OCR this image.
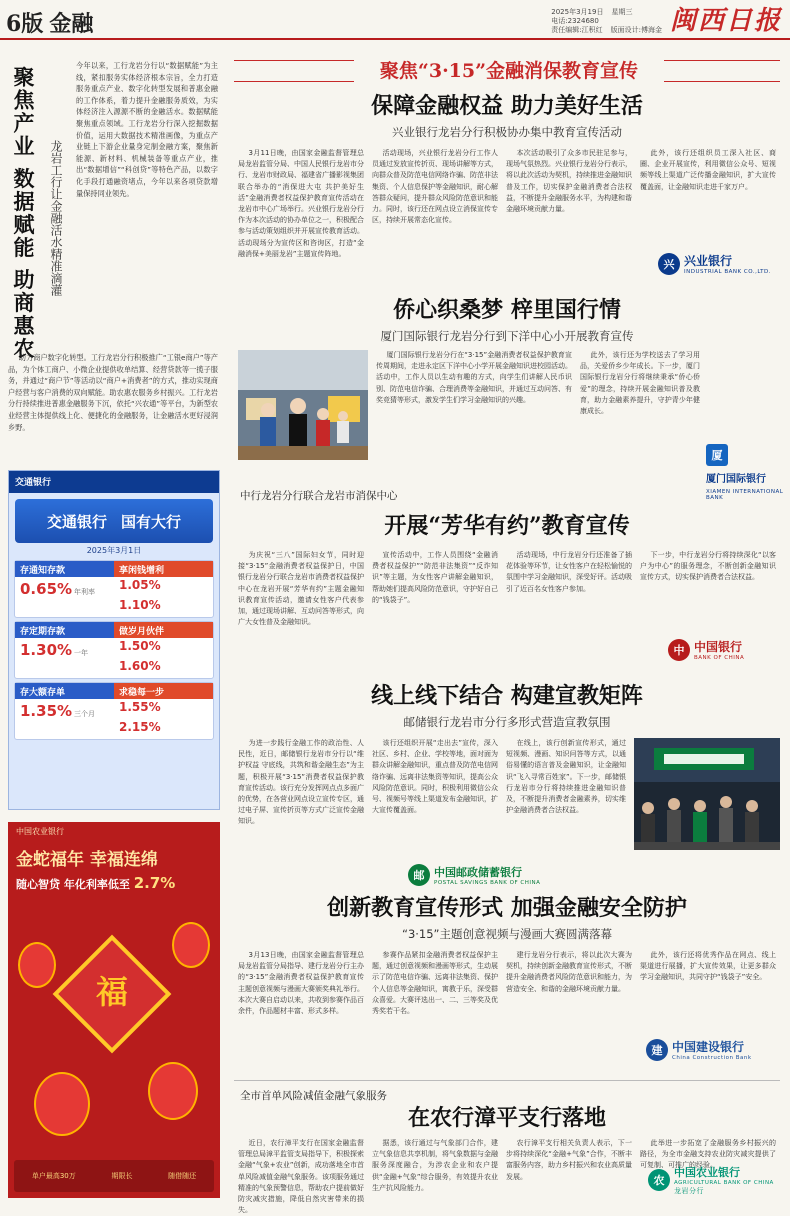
6版 金融	2025年3月19日 星期三
电话:2324680
责任编辑:江积红 版面设计:傅海金 闽西日报
聚焦产业 数据赋能 助商惠农	龙岩工行让金融活水精准滴灌
今年以来，工行龙岩分行以“数据赋能”为主线，紧扣服务实体经济根本宗旨，全力打造服务重点产业、数字化转型发展和普惠金融的工作体系，着力提升金融服务质效，为实体经济注入源源不断的金融活水。数据赋能聚焦重点领域。工行龙岩分行深入挖掘数据价值，运用大数据技术精准画像，为重点产业链上下游企业量身定制金融方案，聚焦新能源、新材料、机械装备等重点产业，推出“数据增信”“科创贷”等特色产品，以数字化手段打通融资堵点，今年以来各项贷款增量保持同业领先。

助力商户数字化转型。工行龙岩分行积极推广“工银e商户”等产品，为个体工商户、小微企业提供收单结算、经营贷款等一揽子服务，并通过“商户节”等活动以“商户+消费者”的方式，推动实现商户经营与客户消费的双向赋能。助农惠农服务乡村振兴。工行龙岩分行持续推进普惠金融服务下沉，依托“兴农通”等平台，为新型农业经营主体提供线上化、便捷化的金融服务，让金融活水更好浸润乡野。

交通银行
交通银行 国有大行
2025年3月1日
存通知存款
0.65% 年利率
享闲钱增利
1.05%
1.10%
存定期存款
1.30% 一年
做岁月伙伴
1.50%
1.60%
存大额存单
1.35% 三个月
求稳每一步
1.55%
2.15%
中国农业银行
金蛇福年 幸福连绵
随心智贷 年化利率低至 2.7%
福
单户最高30万	期限长	随借随还
聚焦“3·15”金融消保教育宣传
保障金融权益 助力美好生活
兴业银行龙岩分行积极协办集中教育宣传活动

3月11日晚，由国家金融监督管理总局龙岩监管分局、中国人民银行龙岩市分行、龙岩市财政局、福建省广播影视集团联合举办的“消保进大屯 共护美好生活”金融消费者权益保护教育宣传活动在龙岩市中心广场举行。兴业银行龙岩分行作为本次活动的协办单位之一，积极配合参与活动策划组织并开展宣传教育活动。活动现场分为宣传区和咨询区，打造“金融消保+美丽龙岩”主题宣传阵地。

活动现场，兴业银行龙岩分行工作人员通过发放宣传折页、现场讲解等方式，向群众普及防范电信网络诈骗、防范非法集资、个人信息保护等金融知识，耐心解答群众疑问，提升群众风险防范意识和能力。同时，该行还在网点设立消保宣传专区，持续开展常态化宣传。

本次活动吸引了众多市民驻足参与，现场气氛热烈。兴业银行龙岩分行表示，将以此次活动为契机，持续推进金融知识普及工作，切实保护金融消费者合法权益，不断提升金融服务水平，为构建和谐金融环境贡献力量。

此外，该行还组织员工深入社区、商圈、企业开展宣传，利用微信公众号、短视频等线上渠道广泛传播金融知识，扩大宣传覆盖面，让金融知识走进千家万户。

兴 兴业银行
INDUSTRIAL BANK CO.,LTD.
侨心织桑梦 梓里国行情
厦门国际银行龙岩分行到下洋中心小开展教育宣传

厦门国际银行龙岩分行在“3·15”金融消费者权益保护教育宣传周期间，走进永定区下洋中心小学开展金融知识进校园活动。活动中，工作人员以生动有趣的方式，向学生们讲解人民币识别、防范电信诈骗、合理消费等金融知识，并通过互动问答、有奖竞猜等形式，激发学生们学习金融知识的兴趣。

此外，该行还为学校送去了学习用品，关爱侨乡少年成长。下一步，厦门国际银行龙岩分行将继续秉承“侨心侨爱”的理念，持续开展金融知识普及教育，助力金融素养提升，守护青少年健康成长。

厦
厦门国际银行
XIAMEN INTERNATIONAL BANK
中行龙岩分行联合龙岩市消保中心
开展“芳华有约”教育宣传

为庆祝“三八”国际妇女节，同时迎接“3·15”金融消费者权益保护日，中国银行龙岩分行联合龙岩市消费者权益保护中心在龙岩开展“芳华有约”主题金融知识教育宣传活动，邀请女性客户代表参加，通过现场讲解、互动问答等形式，向广大女性普及金融知识。

宣传活动中，工作人员围绕“金融消费者权益保护”“防范非法集资”“反诈知识”等主题，为女性客户讲解金融知识，帮助她们提高风险防范意识，守护好自己的“钱袋子”。

活动现场，中行龙岩分行还准备了插花体验等环节，让女性客户在轻松愉悦的氛围中学习金融知识，深受好评。活动吸引了近百名女性客户参加。

下一步，中行龙岩分行将持续深化“以客户为中心”的服务理念，不断创新金融知识宣传方式，切实保护消费者合法权益。

中 中国银行
BANK OF CHINA
线上线下结合 构建宣教矩阵
邮储银行龙岩市分行多形式营造宣教氛围

为进一步践行金融工作的政治性、人民性，近日，邮储银行龙岩市分行以“维护权益 守底线，共筑和谐金融生态”为主题，积极开展“3·15”消费者权益保护教育宣传活动。该行充分发挥网点点多面广的优势，在各营业网点设立宣传专区，通过电子屏、宣传折页等方式广泛宣传金融知识。

该行还组织开展“走出去”宣传，深入社区、乡村、企业、学校等地，面对面为群众讲解金融知识，重点普及防范电信网络诈骗、远离非法集资等知识，提高公众风险防范意识。同时，积极利用微信公众号、视频号等线上渠道发布金融知识，扩大宣传覆盖面。

在线上，该行创新宣传形式，通过短视频、漫画、知识问答等方式，以通俗易懂的语言普及金融知识，让金融知识“飞入寻常百姓家”。下一步，邮储银行龙岩市分行将持续推进金融知识普及，不断提升消费者金融素养，切实维护金融消费者合法权益。

邮 中国邮政储蓄银行
POSTAL SAVINGS BANK OF CHINA
创新教育宣传形式 加强金融安全防护
“3·15”主题创意视频与漫画大赛圆满落幕

3月13日晚，由国家金融监督管理总局龙岩监管分局指导、建行龙岩分行主办的“3·15”金融消费者权益保护教育宣传主题创意视频与漫画大赛颁奖典礼举行。本次大赛自启动以来，共收到参赛作品百余件，作品题材丰富、形式多样。

参赛作品紧扣金融消费者权益保护主题，通过创意视频和漫画等形式，生动展示了防范电信诈骗、远离非法集资、保护个人信息等金融知识，寓教于乐，深受群众喜爱。大赛评选出一、二、三等奖及优秀奖若干名。

建行龙岩分行表示，将以此次大赛为契机，持续创新金融教育宣传形式，不断提升金融消费者风险防范意识和能力，为营造安全、和谐的金融环境贡献力量。

此外，该行还将优秀作品在网点、线上渠道进行展播，扩大宣传效果，让更多群众学习金融知识，共同守护“钱袋子”安全。

建 中国建设银行
China Construction Bank
全市首单风险减值金融气象服务
在农行漳平支行落地

近日，农行漳平支行在国家金融监督管理总局漳平监管支局指导下，积极探索金融“气象+农业”创新，成功落地全市首单风险减值金融气象服务。该项服务通过精准的气象预警信息，帮助农户提前做好防灾减灾措施，降低自然灾害带来的损失。

据悉，该行通过与气象部门合作，建立气象信息共享机制，将气象数据与金融服务深度融合，为涉农企业和农户提供“金融+气象”综合服务，有效提升农业生产抗风险能力。

农行漳平支行相关负责人表示，下一步将持续深化“金融+气象”合作，不断丰富服务内容，助力乡村振兴和农业高质量发展。

此举进一步拓宽了金融服务乡村振兴的路径，为全市金融支持农业防灾减灾提供了可复制、可推广的经验。

农
中国农业银行
AGRICULTURAL BANK OF CHINA
龙岩分行
